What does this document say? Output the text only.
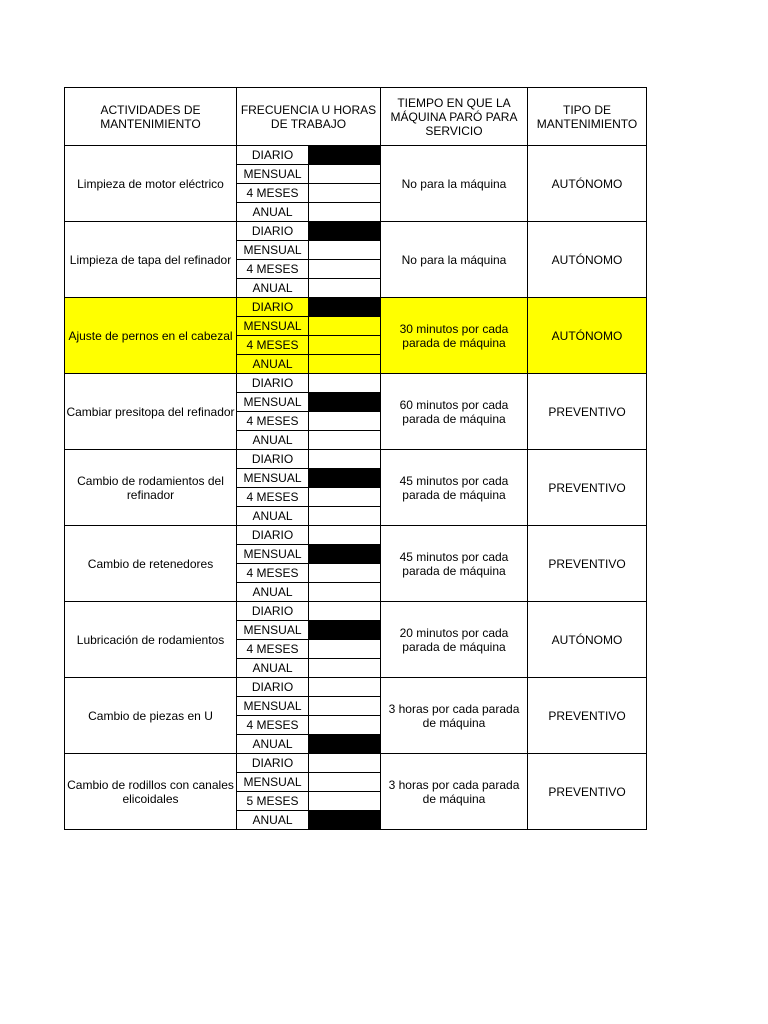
ACTIVIDADES DE MANTENIMIENTO	FRECUENCIA U HORAS DE TRABAJO		TIEMPO EN QUE LA MÁQUINA PARÓ PARA SERVICIO	TIPO DE MANTENIMIENTO
Limpieza de motor eléctrico	DIARIO		No para la máquina	AUTÓNOMO
	MENSUAL			
	4 MESES			
	ANUAL			
Limpieza de tapa del refinador	DIARIO		No para la máquina	AUTÓNOMO
	MENSUAL			
	4 MESES			
	ANUAL			
Ajuste de pernos en el cabezal	DIARIO		30 minutos por cada parada de máquina	AUTÓNOMO
	MENSUAL			
	4 MESES			
	ANUAL			
Cambiar presitopa del refinador	DIARIO		60 minutos por cada parada de máquina	PREVENTIVO
	MENSUAL			
	4 MESES			
	ANUAL			
Cambio de rodamientos del refinador	DIARIO		45 minutos por cada parada de máquina	PREVENTIVO
	MENSUAL			
	4 MESES			
	ANUAL			
Cambio de retenedores	DIARIO		45 minutos por cada parada de máquina	PREVENTIVO
	MENSUAL			
	4 MESES			
	ANUAL			
Lubricación de rodamientos	DIARIO		20 minutos por cada parada de máquina	AUTÓNOMO
	MENSUAL			
	4 MESES			
	ANUAL			
Cambio de piezas en U	DIARIO		3 horas por cada parada de máquina	PREVENTIVO
	MENSUAL			
	4 MESES			
	ANUAL			
Cambio de rodillos con canales elicoidales	DIARIO		3 horas por cada parada de máquina	PREVENTIVO
	MENSUAL			
	5 MESES			
	ANUAL			
